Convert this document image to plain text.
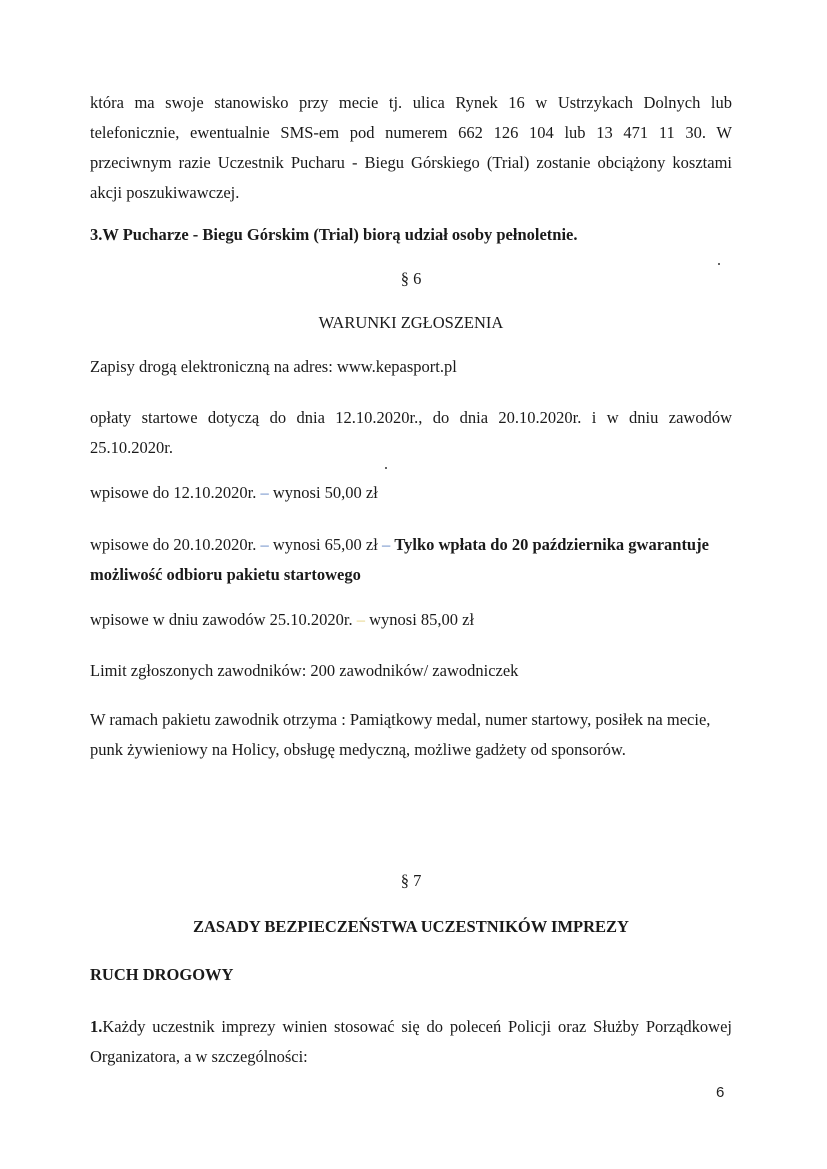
która ma swoje stanowisko przy mecie tj. ulica Rynek 16 w Ustrzykach Dolnych lub telefonicznie, ewentualnie SMS-em pod numerem 662 126 104 lub 13 471 11 30. W przeciwnym razie Uczestnik Pucharu - Biegu Górskiego (Trial) zostanie obciążony kosztami akcji poszukiwawczej.

3.W Pucharze - Biegu Górskim (Trial) biorą udział osoby pełnoletnie.

§ 6

WARUNKI ZGŁOSZENIA

Zapisy drogą elektroniczną na adres: www.kepasport.pl

opłaty startowe dotyczą do dnia 12.10.2020r., do dnia 20.10.2020r. i w dniu zawodów 25.10.2020r.

wpisowe do 12.10.2020r. – wynosi 50,00 zł

wpisowe do 20.10.2020r. – wynosi 65,00 zł – Tylko wpłata do 20 października gwarantuje możliwość odbioru pakietu startowego

wpisowe w dniu zawodów 25.10.2020r. – wynosi 85,00 zł

Limit zgłoszonych zawodników: 200 zawodników/ zawodniczek

W ramach pakietu zawodnik otrzyma : Pamiątkowy medal, numer startowy, posiłek na mecie, punk żywieniowy na Holicy, obsługę medyczną, możliwe gadżety od sponsorów.

§ 7

ZASADY BEZPIECZEŃSTWA UCZESTNIKÓW IMPREZY

RUCH DROGOWY

1.Każdy uczestnik imprezy winien stosować się do poleceń Policji oraz Służby Porządkowej Organizatora, a w szczególności:

6
